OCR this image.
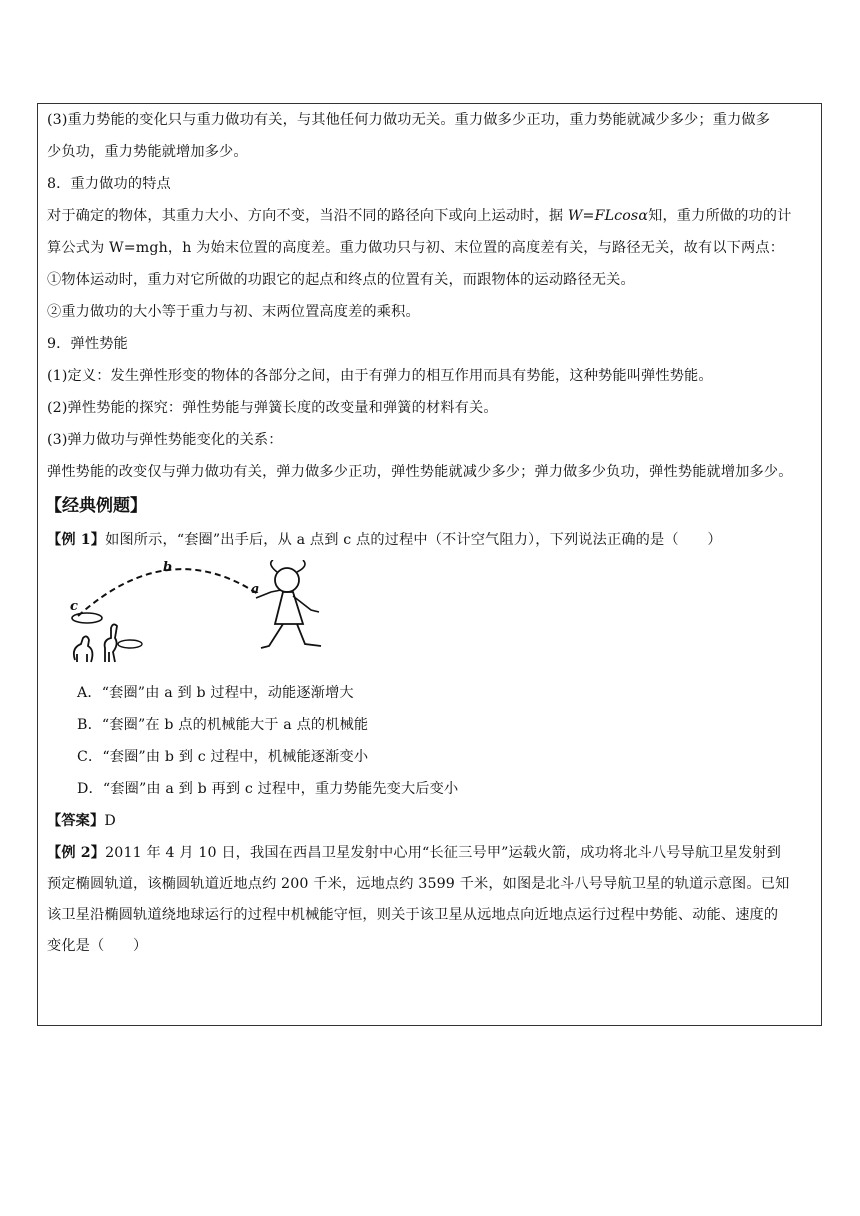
(3)重力势能的变化只与重力做功有关，与其他任何力做功无关。重力做多少正功，重力势能就减少多少；重力做多
少负功，重力势能就增加多少。
8．重力做功的特点
对于确定的物体，其重力大小、方向不变，当沿不同的路径向下或向上运动时，据 W=FLcosα知，重力所做的功的计
算公式为 W=mgh，h 为始末位置的高度差。重力做功只与初、末位置的高度差有关，与路径无关，故有以下两点：
①物体运动时，重力对它所做的功跟它的起点和终点的位置有关，而跟物体的运动路径无关。
②重力做功的大小等于重力与初、末两位置高度差的乘积。
9．弹性势能
(1)定义：发生弹性形变的物体的各部分之间，由于有弹力的相互作用而具有势能，这种势能叫弹性势能。
(2)弹性势能的探究：弹性势能与弹簧长度的改变量和弹簧的材料有关。
(3)弹力做功与弹性势能变化的关系：
弹性势能的改变仅与弹力做功有关，弹力做多少正功，弹性势能就减少多少；弹力做多少负功，弹性势能就增加多少。
【经典例题】
【例 1】如图所示，“套圈”出手后，从 a 点到 c 点的过程中（不计空气阻力），下列说法正确的是（　　）
b
a
c
A．“套圈”由 a 到 b 过程中，动能逐渐增大
B．“套圈”在 b 点的机械能大于 a 点的机械能
C．“套圈”由 b 到 c 过程中，机械能逐渐变小
D．“套圈”由 a 到 b 再到 c 过程中，重力势能先变大后变小
【答案】D
【例 2】2011 年 4 月 10 日，我国在西昌卫星发射中心用“长征三号甲”运载火箭，成功将北斗八号导航卫星发射到
预定椭圆轨道，该椭圆轨道近地点约 200 千米，远地点约 3599 千米，如图是北斗八号导航卫星的轨道示意图。已知
该卫星沿椭圆轨道绕地球运行的过程中机械能守恒，则关于该卫星从远地点向近地点运行过程中势能、动能、速度的
变化是（　　）
